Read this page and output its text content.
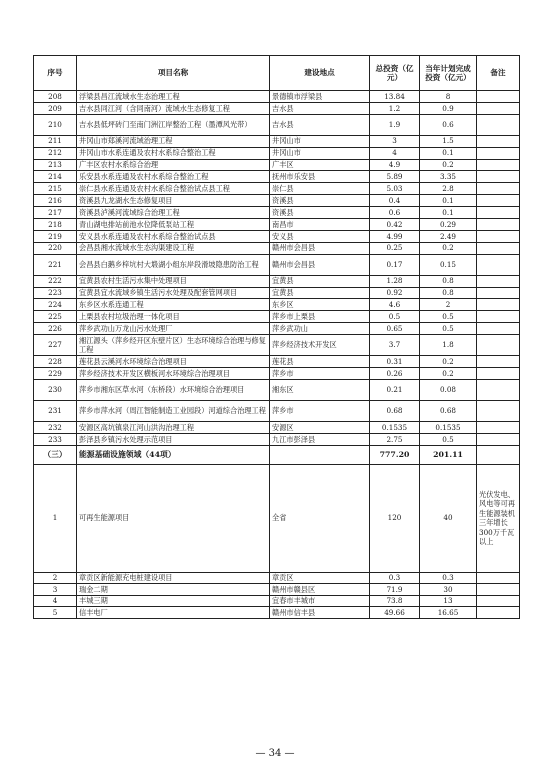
序号	项目名称	建设地点	总投资（亿元）	当年计划完成投资（亿元）	备注
208	浮梁县昌江流域水生态治理工程	景德镇市浮梁县	13.84	8	
209	吉水县同江河（含同南河）流域水生态修复工程	吉水县	1.2	0.9	
210	吉水县低坪砖门至南门洲江岸整治工程（墨潭风光带）	吉水县	1.9	0.6	
211	井冈山市郑溪河流域治理工程	井冈山市	3	1.5	
212	井冈山市水系连通及农村水系综合整治工程	井冈山市	4	0.1	
213	广丰区农村水系综合治理	广丰区	4.9	0.2	
214	乐安县水系连通及农村水系综合整治工程	抚州市乐安县	5.89	3.35	
215	崇仁县水系连通及农村水系综合整治试点县工程	崇仁县	5.03	2.8	
216	资溪县九龙湖水生态修复项目	资溪县	0.4	0.1	
217	资溪县泸溪河流域综合治理工程	资溪县	0.6	0.1	
218	青山湖电排站前池水位降低泵站工程	南昌市	0.42	0.29	
219	安义县水系连通及农村水系综合整治试点县	安义县	4.99	2.49	
220	会昌县湘水流域水生态沟渠建设工程	赣州市会昌县	0.25	0.2	
221	会昌县白鹅乡梓坑村大塅湖小组东岸段滑坡隐患防治工程	赣州市会昌县	0.17	0.15	
222	宜黄县农村生活污水集中处理项目	宜黄县	1.28	0.8	
223	宜黄县宜水流域乡镇生活污水处理及配套管网项目	宜黄县	0.92	0.8	
224	东乡区水系连通工程	东乡区	4.6	2	
225	上栗县农村垃圾治理一体化项目	萍乡市上栗县	0.5	0.5	
226	萍乡武功山万龙山污水处理厂	萍乡武功山	0.65	0.5	
227	湘江源头（萍乡经开区东壁片区）生态环境综合治理与修复工程	萍乡经济技术开发区	3.7	1.8	
228	莲花县云溪河水环境综合治理项目	莲花县	0.31	0.2	
229	萍乡经济技术开发区横板河水环境综合治理项目	萍乡市	0.26	0.2	
230	萍乡市湘东区草水河（东桥段）水环境综合治理项目	湘东区	0.21	0.08	
231	萍乡市萍水河（周江智能制造工业园段）河道综合治理工程	萍乡市	0.68	0.68	
232	安源区高坑镇泉江河山洪沟治理工程	安源区	0.1535	0.1535	
233	彭泽县乡镇污水处理示范项目	九江市彭泽县	2.75	0.5	
（三）	能源基础设施领域（44项）		777.20	201.11	
1	可再生能源项目	全省	120	40	光伏发电、风电等可再生能源装机三年增长300万千瓦以上
2	章贡区新能源充电桩建设项目	章贡区	0.3	0.3	
3	瑞金二期	赣州市赣县区	71.9	30	
4	丰城三期	宜春市丰城市	73.8	13	
5	信丰电厂	赣州市信丰县	49.66	16.65	
— 34 —
